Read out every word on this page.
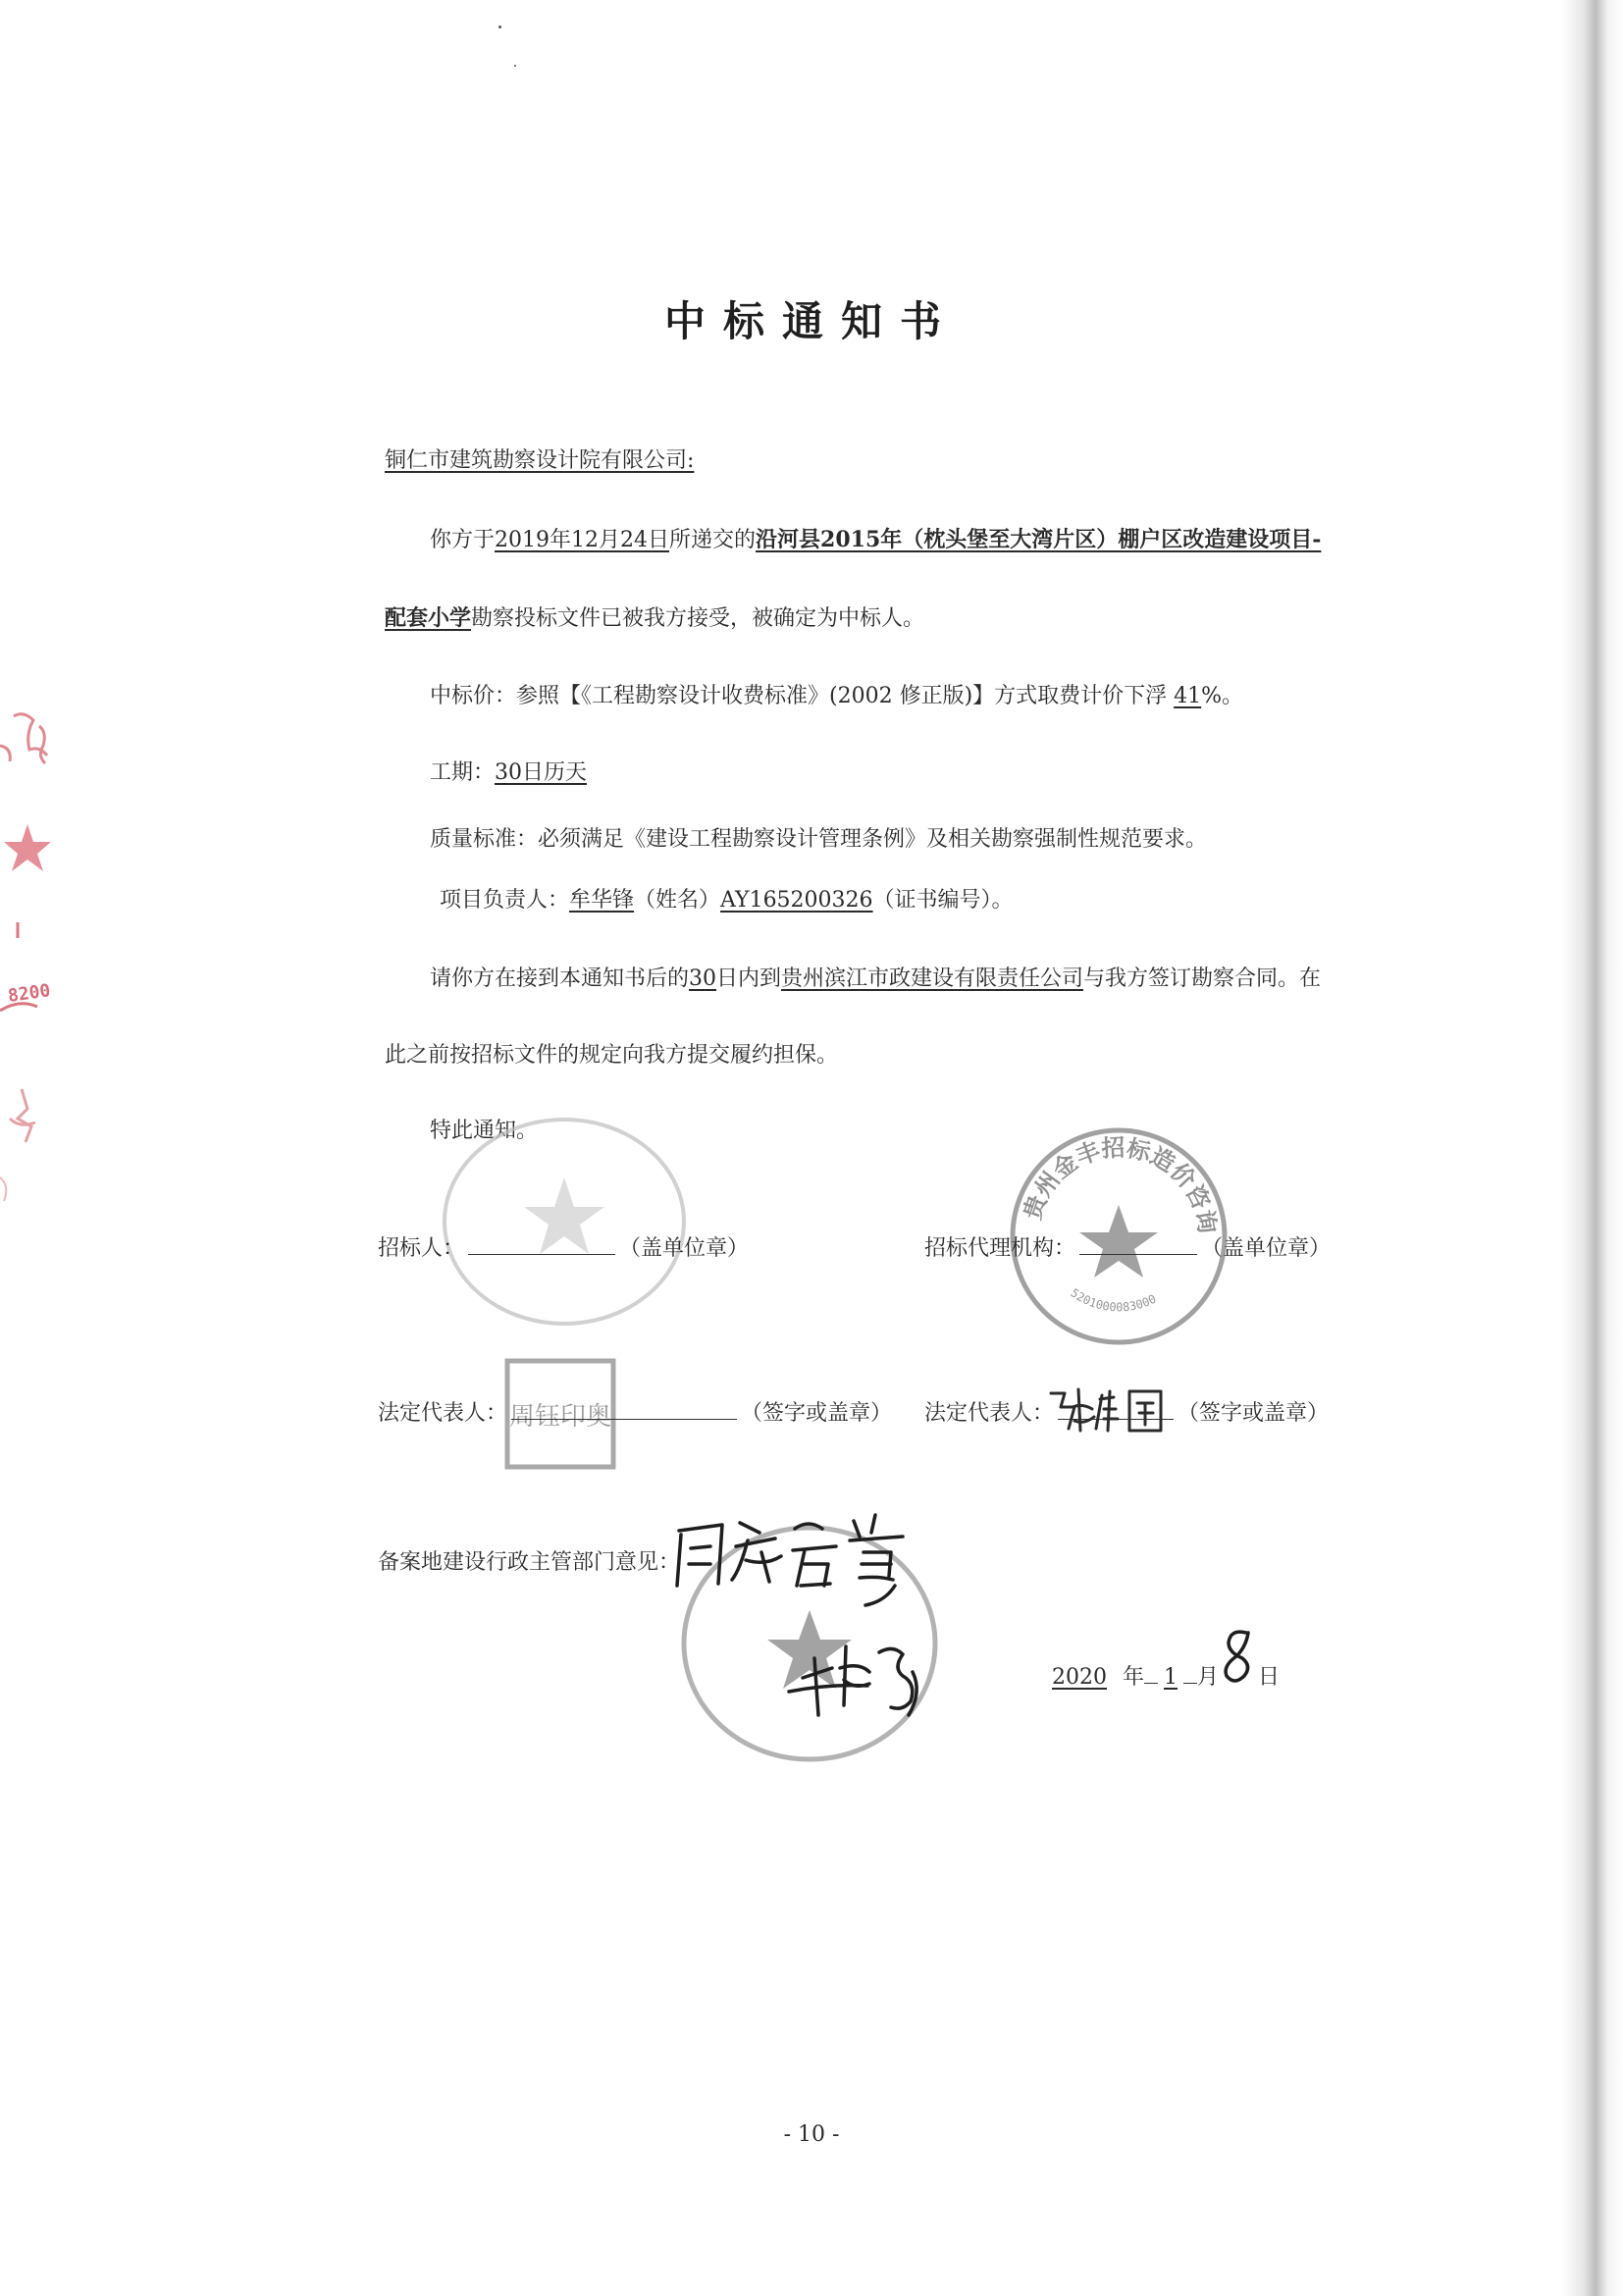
8200
中标通知书
铜仁市建筑勘察设计院有限公司:
你方于2019年12月24日所递交的沿河县2015年（枕头堡至大湾片区）棚户区改造建设项目-
配套小学勘察投标文件已被我方接受，被确定为中标人。
中标价：参照【《工程勘察设计收费标准》(2002 修正版)】方式取费计价下浮 41%。
工期：30日历天
质量标准：必须满足《建设工程勘察设计管理条例》及相关勘察强制性规范要求。
项目负责人：牟华锋（姓名）AY165200326（证书编号）。
请你方在接到本通知书后的30日内到贵州滨江市政建设有限责任公司与我方签订勘察合同。在
此之前按招标文件的规定向我方提交履约担保。
特此通知。
贵州金丰招标造价咨询
5201000083000
招标人：	（盖单位章）	招标代理机构：	（盖单位章）
周钰印奥
法定代表人：	（签字或盖章） 法定代表人：	（签字或盖章）
备案地建设行政主管部门意见：
2020 年 1 月 日
- 10 -
